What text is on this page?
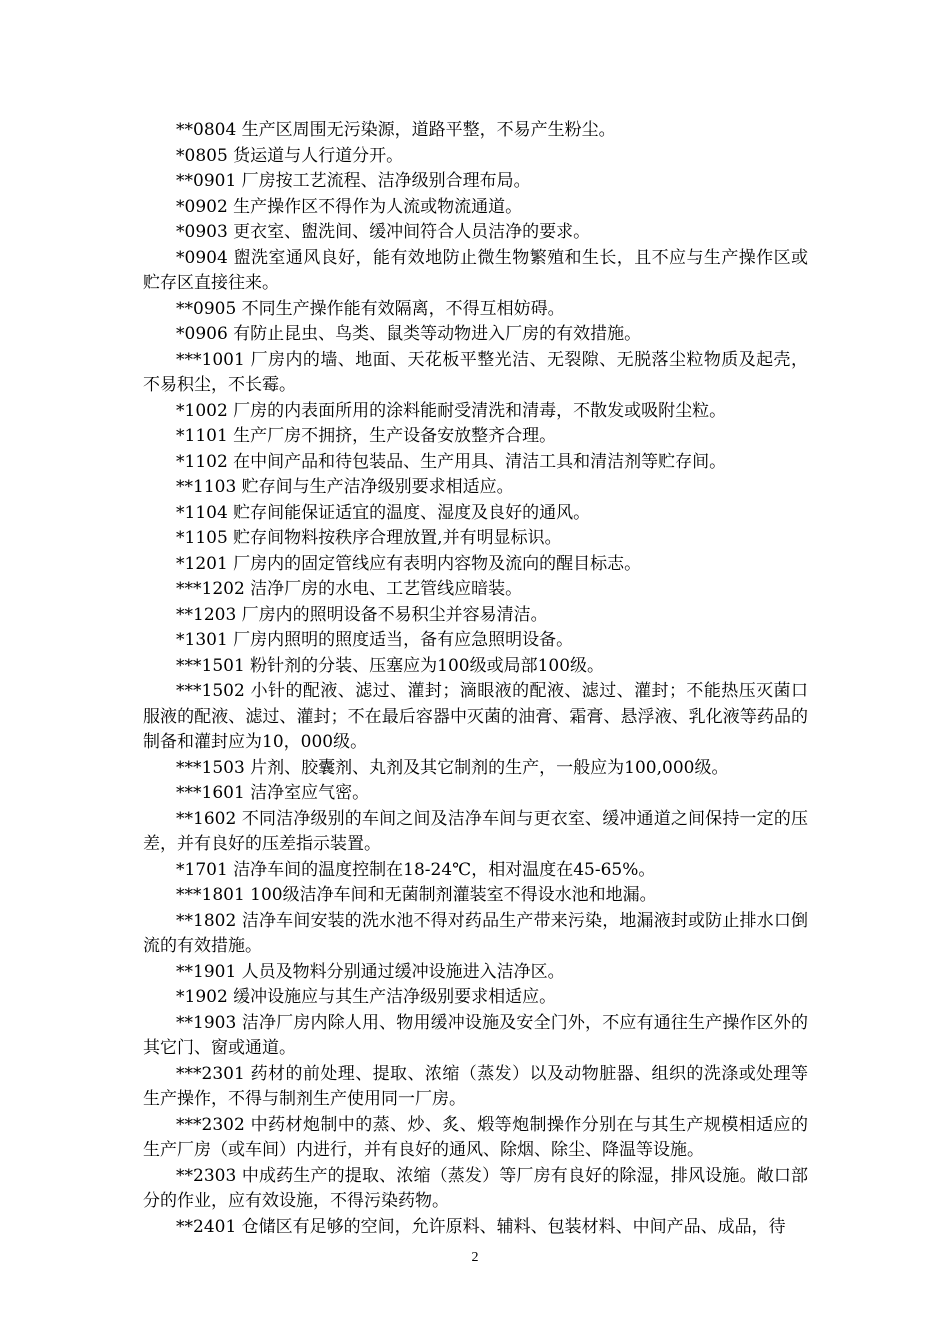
**0804 生产区周围无污染源，道路平整，不易产生粉尘。

*0805 货运道与人行道分开。

**0901 厂房按工艺流程、洁净级别合理布局。

*0902 生产操作区不得作为人流或物流通道。

*0903 更衣室、盥洗间、缓冲间符合人员洁净的要求。

*0904 盥洗室通风良好，能有效地防止微生物繁殖和生长，且不应与生产操作区或贮存区直接往来。

**0905 不同生产操作能有效隔离，不得互相妨碍。

*0906 有防止昆虫、鸟类、鼠类等动物进入厂房的有效措施。

***1001 厂房内的墙、地面、天花板平整光洁、无裂隙、无脱落尘粒物质及起壳，不易积尘，不长霉。

*1002 厂房的内表面所用的涂料能耐受清洗和清毒，不散发或吸附尘粒。

*1101 生产厂房不拥挤，生产设备安放整齐合理。

*1102 在中间产品和待包装品、生产用具、清洁工具和清洁剂等贮存间。

**1103 贮存间与生产洁净级别要求相适应。

*1104 贮存间能保证适宜的温度、湿度及良好的通风。

*1105 贮存间物料按秩序合理放置,并有明显标识。

*1201 厂房内的固定管线应有表明内容物及流向的醒目标志。

***1202 洁净厂房的水电、工艺管线应暗装。

**1203 厂房内的照明设备不易积尘并容易清洁。

*1301 厂房内照明的照度适当，备有应急照明设备。

***1501 粉针剂的分装、压塞应为100级或局部100级。

***1502 小针的配液、滤过、灌封；滴眼液的配液、滤过、灌封；不能热压灭菌口服液的配液、滤过、灌封；不在最后容器中灭菌的油膏、霜膏、悬浮液、乳化液等药品的制备和灌封应为10，000级。

***1503 片剂、胶囊剂、丸剂及其它制剂的生产，一般应为100,000级。

***1601 洁净室应气密。

**1602 不同洁净级别的车间之间及洁净车间与更衣室、缓冲通道之间保持一定的压差，并有良好的压差指示装置。

*1701 洁净车间的温度控制在18-24℃，相对温度在45-65%。

***1801 100级洁净车间和无菌制剂灌装室不得设水池和地漏。

**1802 洁净车间安装的洗水池不得对药品生产带来污染，地漏液封或防止排水口倒流的有效措施。

**1901 人员及物料分别通过缓冲设施进入洁净区。

*1902 缓冲设施应与其生产洁净级别要求相适应。

**1903 洁净厂房内除人用、物用缓冲设施及安全门外，不应有通往生产操作区外的其它门、窗或通道。

***2301 药材的前处理、提取、浓缩（蒸发）以及动物脏器、组织的洗涤或处理等生产操作，不得与制剂生产使用同一厂房。

***2302 中药材炮制中的蒸、炒、炙、煅等炮制操作分别在与其生产规模相适应的生产厂房（或车间）内进行，并有良好的通风、除烟、除尘、降温等设施。

**2303 中成药生产的提取、浓缩（蒸发）等厂房有良好的除湿，排风设施。敞口部分的作业，应有效设施，不得污染药物。

**2401 仓储区有足够的空间，允许原料、辅料、包装材料、中间产品、成品，待

2
